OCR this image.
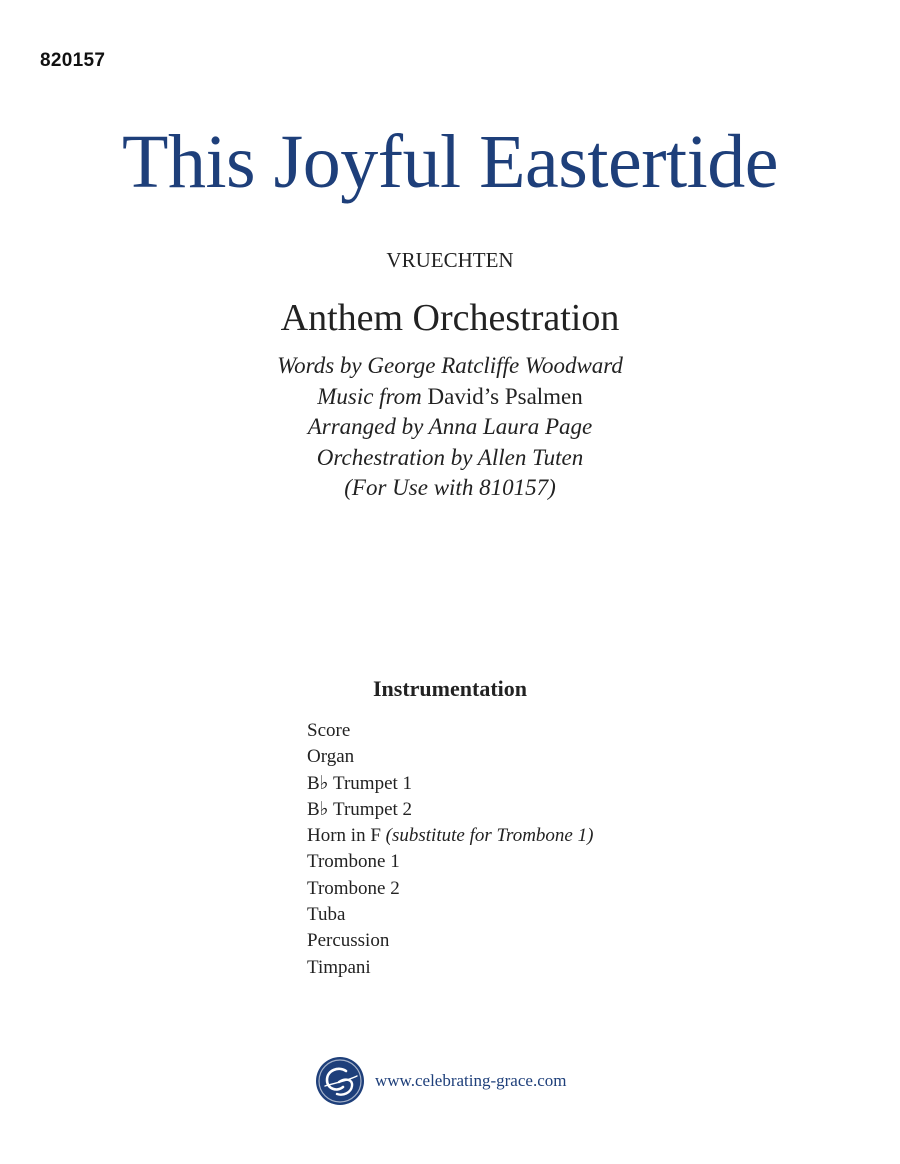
820157
This Joyful Eastertide
VRUECHTEN
Anthem Orchestration
Words by George Ratcliffe Woodward
Music from David’s Psalmen
Arranged by Anna Laura Page
Orchestration by Allen Tuten
(For Use with 810157)
Instrumentation
Score
Organ
B♭ Trumpet 1
B♭ Trumpet 2
Horn in F (substitute for Trombone 1)
Trombone 1
Trombone 2
Tuba
Percussion
Timpani
www.celebrating-grace.com
